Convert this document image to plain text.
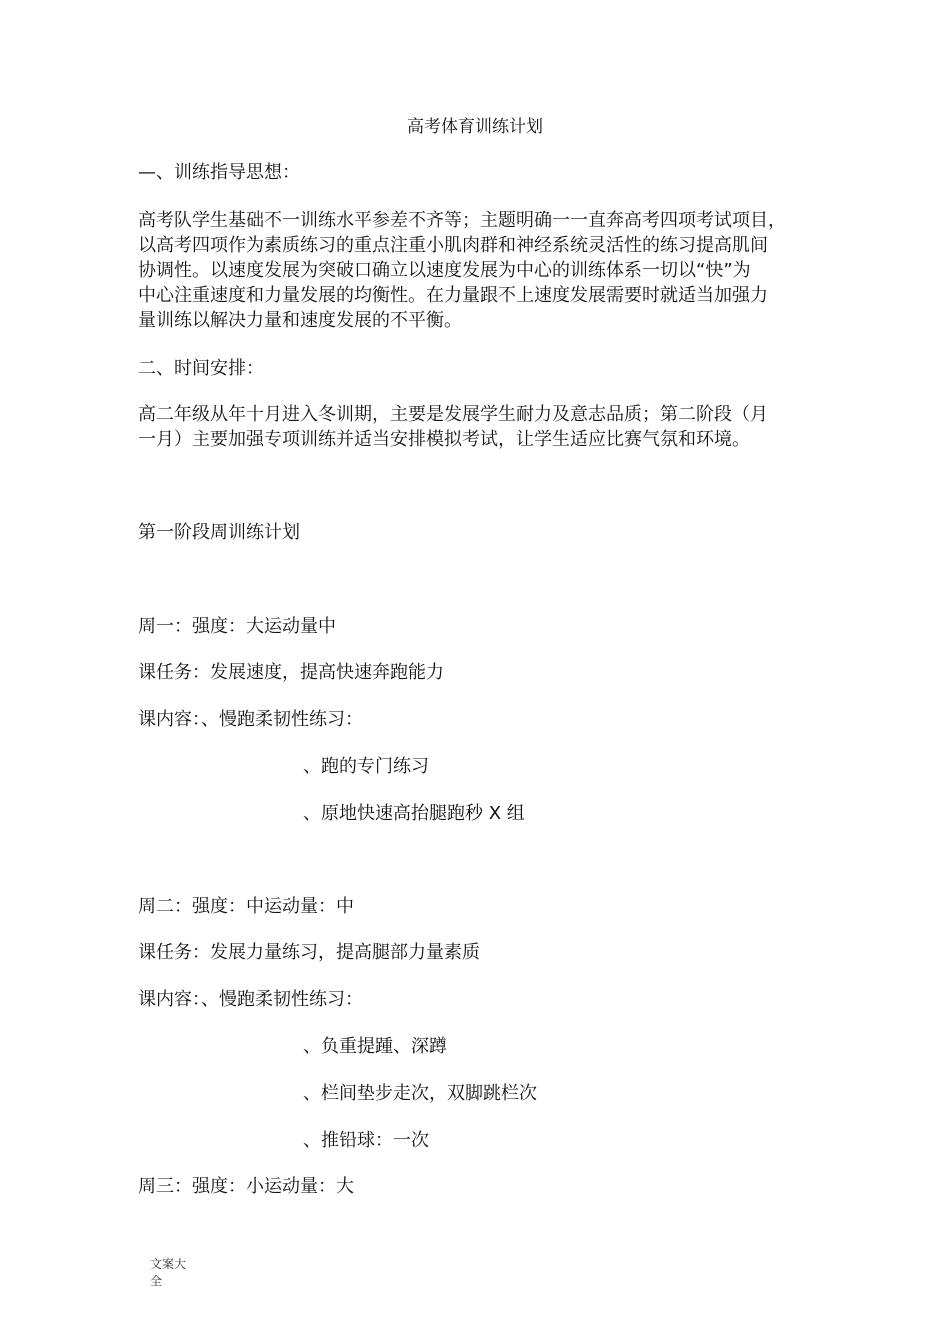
高考体育训练计划
—、训练指导思想：
高考队学生基础不一训练水平参差不齐等；主题明确一一直奔高考四项考试项目，
以高考四项作为素质练习的重点注重小肌肉群和神经系统灵活性的练习提高肌间
协调性。以速度发展为突破口确立以速度发展为中心的训练体系一切以“快”为
中心注重速度和力量发展的均衡性。在力量跟不上速度发展需要时就适当加强力
量训练以解决力量和速度发展的不平衡。
二、时间安排：
高二年级从年十月进入冬训期，主要是发展学生耐力及意志品质；第二阶段（月
一月）主要加强专项训练并适当安排模拟考试，让学生适应比赛气氛和环境。
第一阶段周训练计划
周一：强度：大运动量中
课任务：发展速度，提高快速奔跑能力
课内容：、慢跑柔韧性练习：
、跑的专门练习
、原地快速高抬腿跑秒 X 组
周二：强度：中运动量：中
课任务：发展力量练习，提高腿部力量素质
课内容：、慢跑柔韧性练习：
、负重提踵、深蹲
、栏间垫步走次，双脚跳栏次
、推铅球：一次
周三：强度：小运动量：大
文案大
全
